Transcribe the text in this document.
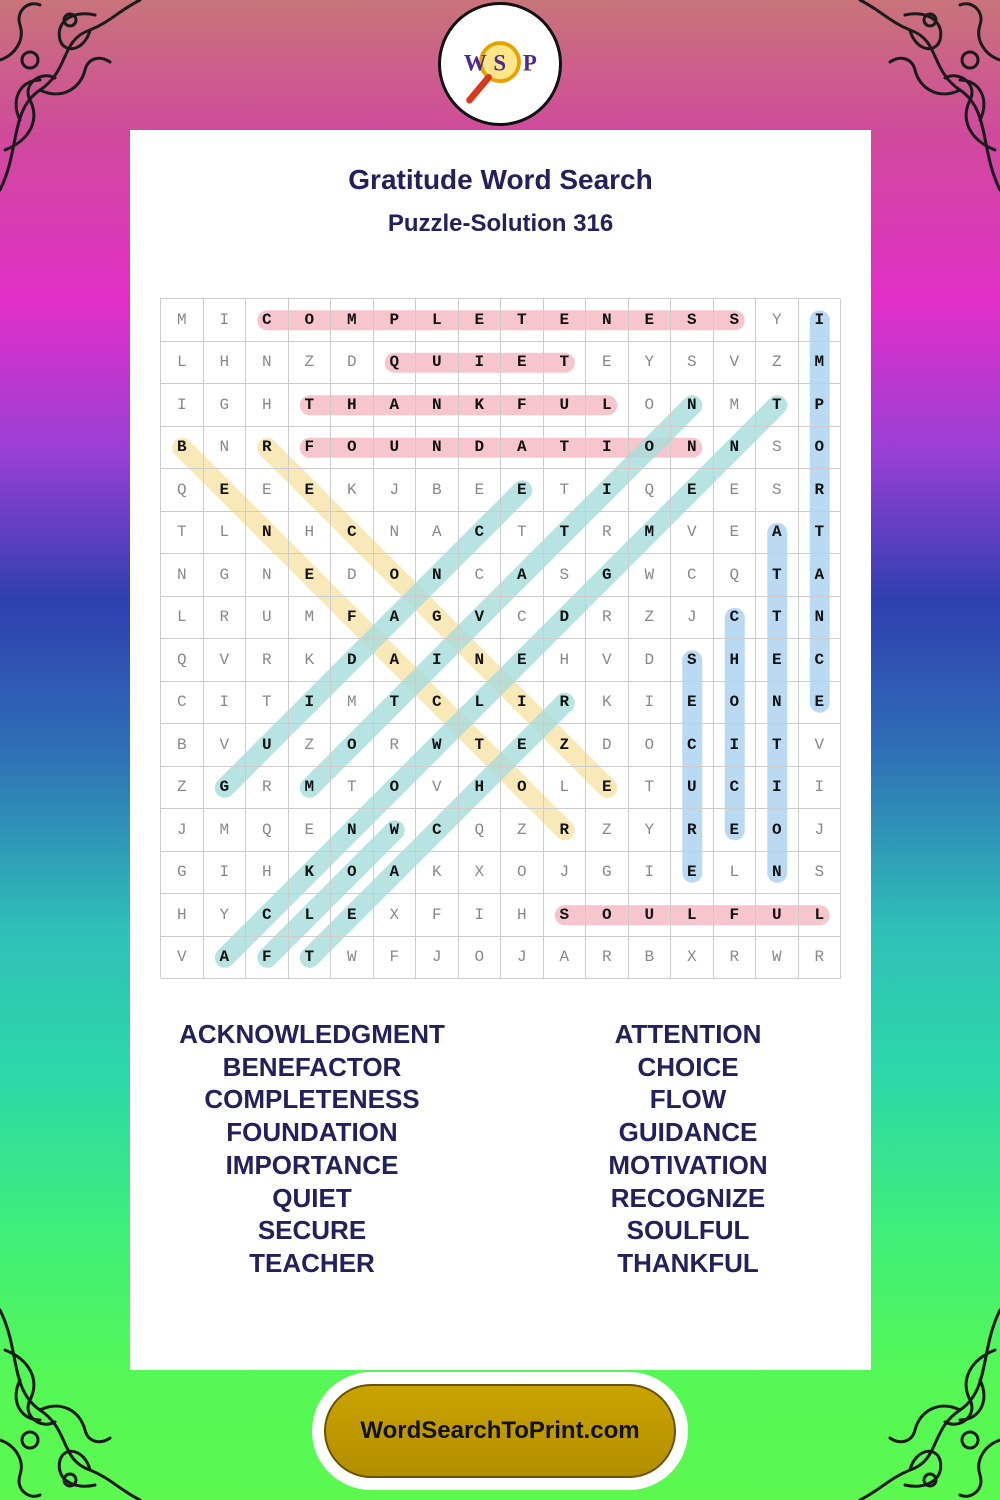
W S P
Gratitude Word Search
Puzzle-Solution 316
M	I	C	O	M	P	L	E	T	E	N	E	S	S	Y	I
L	H	N	Z	D	Q	U	I	E	T	E	Y	S	V	Z	M
I	G	H	T	H	A	N	K	F	U	L	O	N	M	T	P
B	N	R	F	O	U	N	D	A	T	I	O	N	N	S	O
Q	E	E	E	K	J	B	E	E	T	I	Q	E	E	S	R
T	L	N	H	C	N	A	C	T	T	R	M	V	E	A	T
N	G	N	E	D	O	N	C	A	S	G	W	C	Q	T	A
L	R	U	M	F	A	G	V	C	D	R	Z	J	C	T	N
Q	V	R	K	D	A	I	N	E	H	V	D	S	H	E	C
C	I	T	I	M	T	C	L	I	R	K	I	E	O	N	E
B	V	U	Z	O	R	W	T	E	Z	D	O	C	I	T	V
Z	G	R	M	T	O	V	H	O	L	E	T	U	C	I	I
J	M	Q	E	N	W	C	Q	Z	R	Z	Y	R	E	O	J
G	I	H	K	O	A	K	X	O	J	G	I	E	L	N	S
H	Y	C	L	E	X	F	I	H	S	O	U	L	F	U	L
V	A	F	T	W	F	J	O	J	A	R	B	X	R	W	R
ACKNOWLEDGMENT
BENEFACTOR
COMPLETENESS
FOUNDATION
IMPORTANCE
QUIET
SECURE
TEACHER
ATTENTION
CHOICE
FLOW
GUIDANCE
MOTIVATION
RECOGNIZE
SOULFUL
THANKFUL
WordSearchToPrint.com
